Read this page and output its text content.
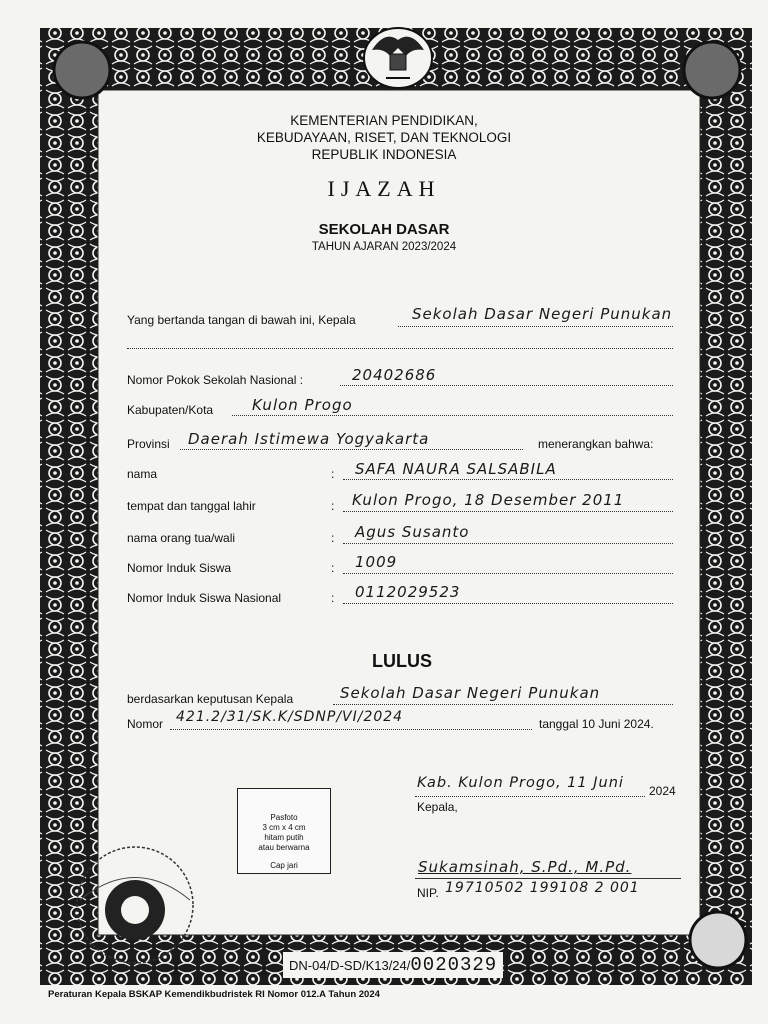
KEMENTERIAN PENDIDIKAN,
KEBUDAYAAN, RISET, DAN TEKNOLOGI
REPUBLIK INDONESIA
IJAZAH
SEKOLAH DASAR
TAHUN AJARAN 2023/2024
Yang bertanda tangan di bawah ini, Kepala	Sekolah Dasar Negeri Punukan
Nomor Pokok Sekolah Nasional :	20402686
Kabupaten/Kota	Kulon Progo
Provinsi Daerah Istimewa Yogyakarta	menerangkan bahwa:
nama	: SAFA NAURA SALSABILA
tempat dan tanggal lahir	: Kulon Progo, 18 Desember 2011
nama orang tua/wali	: Agus Susanto
Nomor Induk Siswa	: 1009
Nomor Induk Siswa Nasional	: 0112029523
LULUS
berdasarkan keputusan Kepala	Sekolah Dasar Negeri Punukan
Nomor 421.2/31/SK.K/SDNP/VI/2024	tanggal 10 Juni 2024.
Kab. Kulon Progo, 11 Juni 2024
Kepala,
Sukamsinah, S.Pd., M.Pd.
NIP. 19710502 199108 2 001
Pasfoto
3 cm x 4 cm
hitam putih
atau berwarna
Cap jari
DN-04/D-SD/K13/24/0020329
Peraturan Kepala BSKAP Kemendikbudristek RI Nomor 012.A Tahun 2024
